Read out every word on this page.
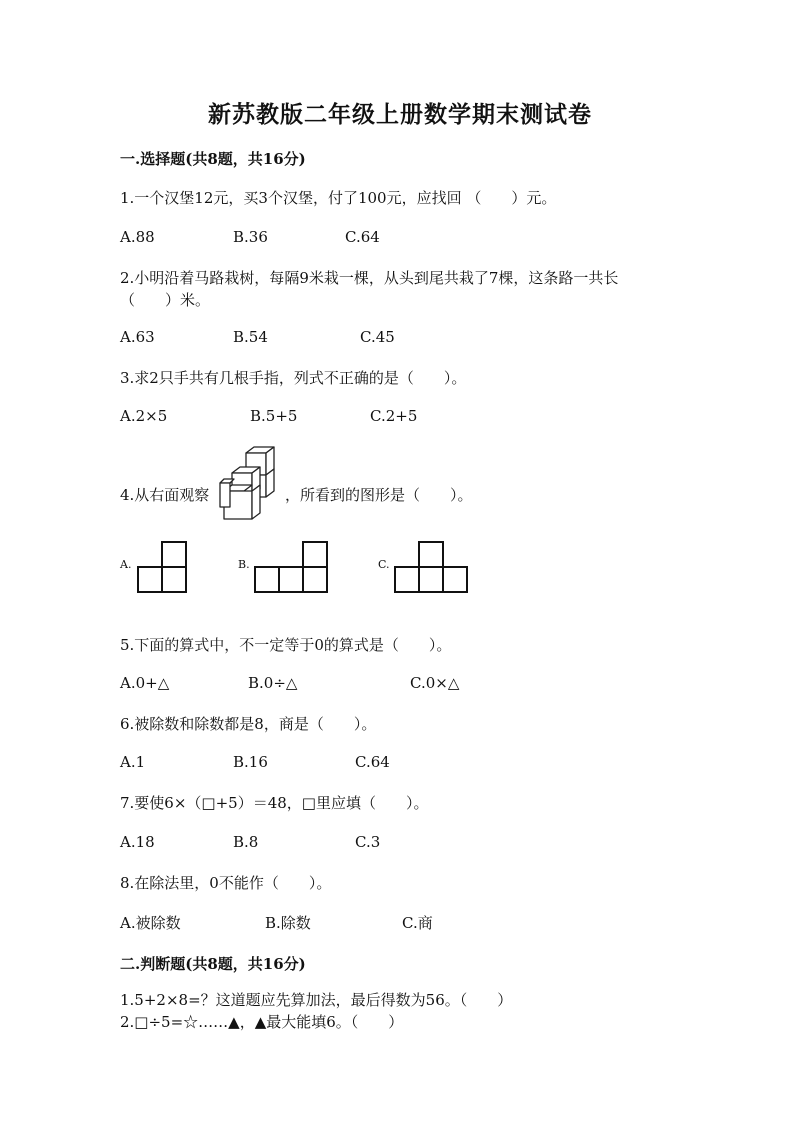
新苏教版二年级上册数学期末测试卷
一.选择题(共8题，共16分)
1.一个汉堡12元，买3个汉堡，付了100元，应找回 （　　）元。
A.88	B.36	C.64
2.小明沿着马路栽树，每隔9米栽一棵，从头到尾共栽了7棵，这条路一共长
（　　）米。
A.63	B.54	C.45
3.求2只手共有几根手指，列式不正确的是（　　）。
A.2×5	B.5+5	C.2+5
4.从右面观察	，所看到的图形是（　　）。
A.	B.	C.
5.下面的算式中，不一定等于0的算式是（　　）。
A.0+△	B.0÷△	C.0×△
6.被除数和除数都是8，商是（　　）。
A.1	B.16	C.64
7.要使6×（□+5）＝48，□里应填（　　）。
A.18	B.8	C.3
8.在除法里，0不能作（　　）。
A.被除数	B.除数	C.商
二.判断题(共8题，共16分)
1.5+2×8=？这道题应先算加法，最后得数为56。（　　）
2.□÷5=☆……▲，▲最大能填6。（　　）
